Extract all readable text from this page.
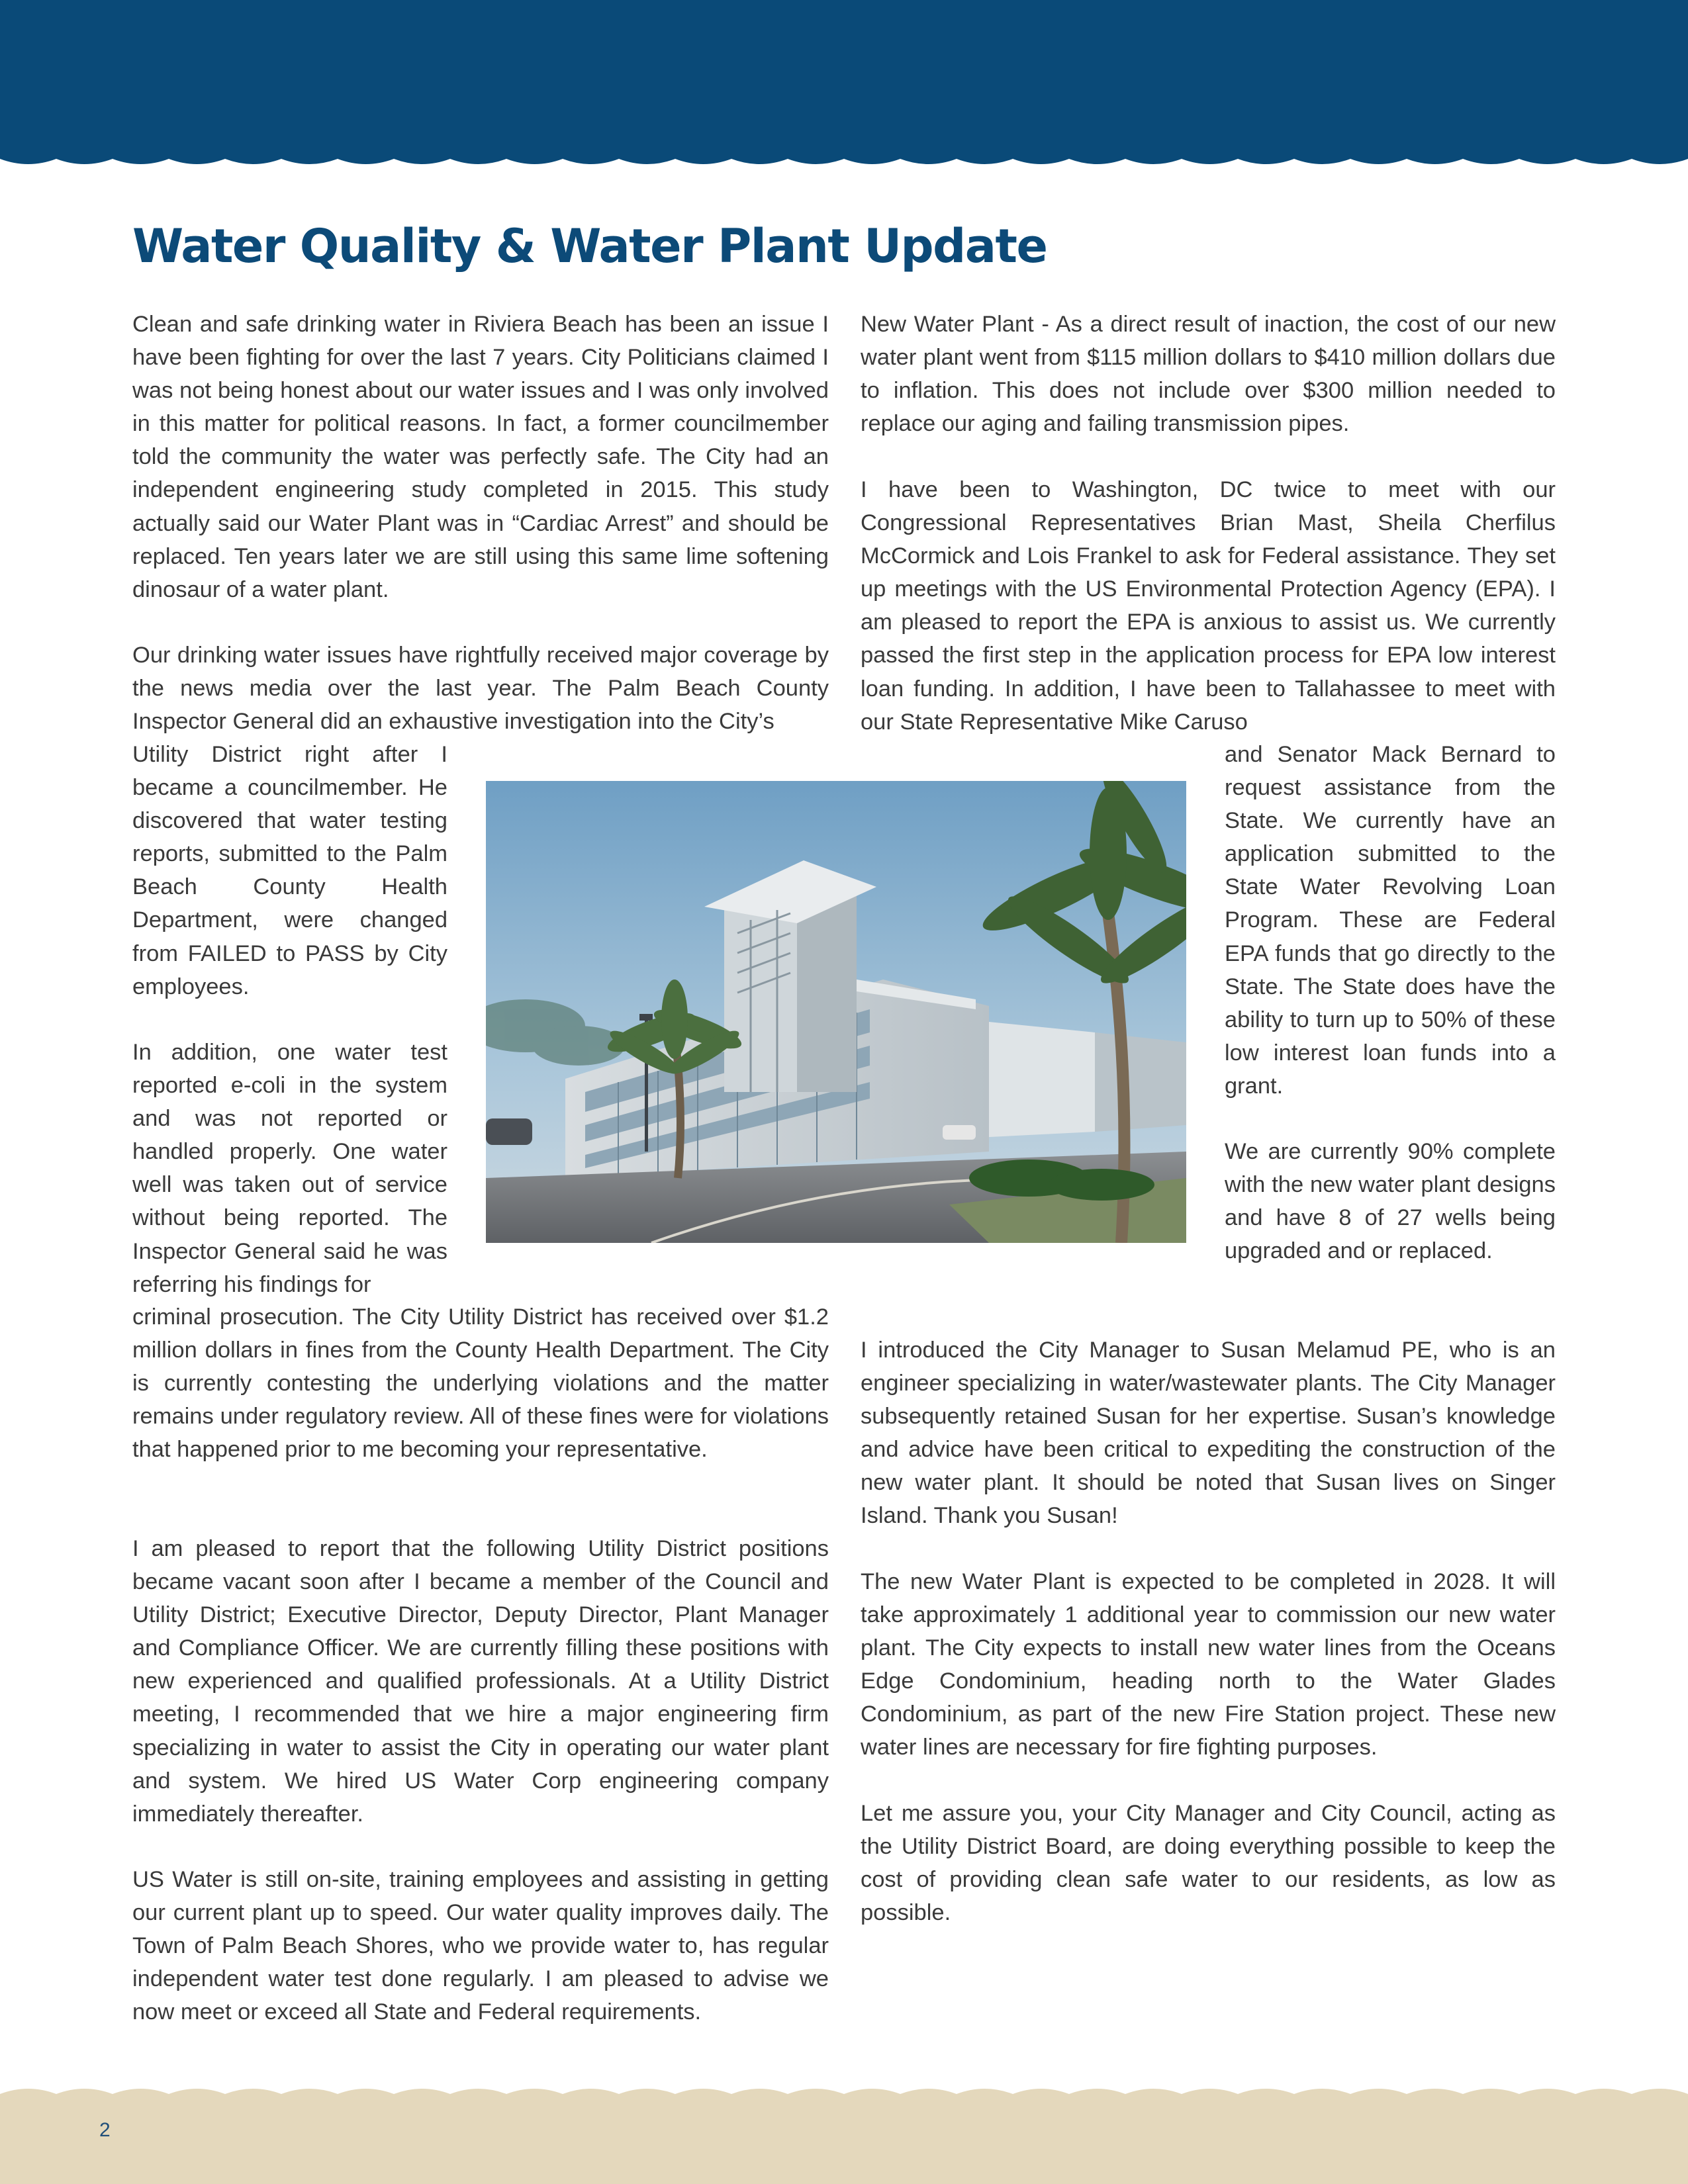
Water Quality & Water Plant Update

Clean and safe drinking water in Riviera Beach has been an issue I have been fighting for over the last 7 years. City Politicians claimed I was not being honest about our water issues and I was only involved in this matter for political reasons. In fact, a former councilmember told the community the water was perfectly safe. The City had an independent engineering study completed in 2015. This study actually said our Water Plant was in “Cardiac Arrest” and should be replaced. Ten years later we are still using this same lime softening dinosaur of a water plant.

Our drinking water issues have rightfully received major coverage by the news media over the last year. The Palm Beach County Inspector General did an exhaustive investigation into the City’s

Utility District right after I became a councilmember. He discovered that water testing reports, submitted to the Palm Beach County Health Department, were changed from FAILED to PASS by City employees.

In addition, one water test reported e-coli in the system and was not reported or handled properly. One water well was taken out of service without being reported. The Inspector General said he was referring his findings for

criminal prosecution. The City Utility District has received over $1.2 million dollars in fines from the County Health Department. The City is currently contesting the underlying violations and the matter remains under regulatory review. All of these fines were for violations that happened prior to me becoming your representative.

I am pleased to report that the following Utility District positions became vacant soon after I became a member of the Council and Utility District; Executive Director, Deputy Director, Plant Manager and Compliance Officer. We are currently filling these positions with new experienced and qualified professionals. At a Utility District meeting, I recommended that we hire a major engineering firm specializing in water to assist the City in operating our water plant and system. We hired US Water Corp engineering company immediately thereafter.

US Water is still on-site, training employees and assisting in getting our current plant up to speed. Our water quality improves daily. The Town of Palm Beach Shores, who we provide water to, has regular independent water test done regularly. I am pleased to advise we now meet or exceed all State and Federal requirements.

New Water Plant - As a direct result of inaction, the cost of our new water plant went from $115 million dollars to $410 million dollars due to inflation. This does not include over $300 million needed to replace our aging and failing transmission pipes.

I have been to Washington, DC twice to meet with our Congressional Representatives Brian Mast, Sheila Cherfilus McCormick and Lois Frankel to ask for Federal assistance. They set up meetings with the US Environmental Protection Agency (EPA). I am pleased to report the EPA is anxious to assist us. We currently passed the first step in the application process for EPA low interest loan funding. In addition, I have been to Tallahassee to meet with our State Representative Mike Caruso

and Senator Mack Bernard to request assistance from the State. We currently have an application submitted to the State Water Revolving Loan Program. These are Federal EPA funds that go directly to the State. The State does have the ability to turn up to 50% of these low interest loan funds into a grant.

We are currently 90% complete with the new water plant designs and have 8 of 27 wells being upgraded and or replaced.

I introduced the City Manager to Susan Melamud PE, who is an engineer specializing in water/wastewater plants. The City Manager subsequently retained Susan for her expertise. Susan’s knowledge and advice have been critical to expediting the construction of the new water plant. It should be noted that Susan lives on Singer Island. Thank you Susan!

The new Water Plant is expected to be completed in 2028. It will take approximately 1 additional year to commission our new water plant. The City expects to install new water lines from the Oceans Edge Condominium, heading north to the Water Glades Condominium, as part of the new Fire Station project. These new water lines are necessary for fire fighting purposes.

Let me assure you, your City Manager and City Council, acting as the Utility District Board, are doing everything possible to keep the cost of providing clean safe water to our residents, as low as possible.

2
